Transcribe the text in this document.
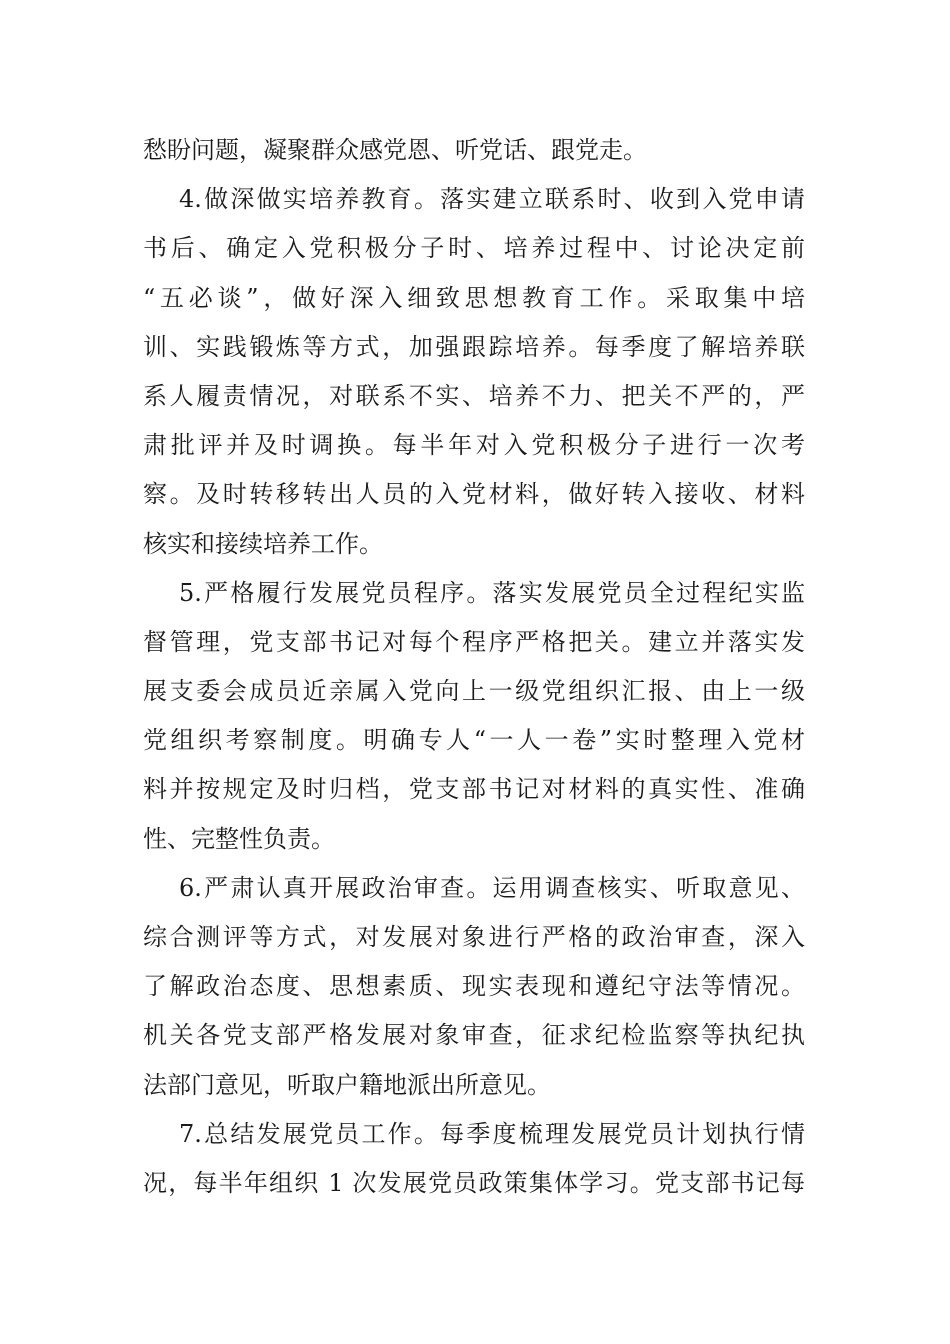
愁盼问题，凝聚群众感党恩、听党话、跟党走。
4.做深做实培养教育。落实建立联系时、收到入党申请
书后、确定入党积极分子时、培养过程中、讨论决定前
“五必谈”，做好深入细致思想教育工作。采取集中培
训、实践锻炼等方式，加强跟踪培养。每季度了解培养联
系人履责情况，对联系不实、培养不力、把关不严的，严
肃批评并及时调换。每半年对入党积极分子进行一次考
察。及时转移转出人员的入党材料，做好转入接收、材料
核实和接续培养工作。
5.严格履行发展党员程序。落实发展党员全过程纪实监
督管理，党支部书记对每个程序严格把关。建立并落实发
展支委会成员近亲属入党向上一级党组织汇报、由上一级
党组织考察制度。明确专人“一人一卷”实时整理入党材
料并按规定及时归档，党支部书记对材料的真实性、准确
性、完整性负责。
6.严肃认真开展政治审查。运用调查核实、听取意见、
综合测评等方式，对发展对象进行严格的政治审查，深入
了解政治态度、思想素质、现实表现和遵纪守法等情况。
机关各党支部严格发展对象审查，征求纪检监察等执纪执
法部门意见，听取户籍地派出所意见。
7.总结发展党员工作。每季度梳理发展党员计划执行情
况，每半年组织 1 次发展党员政策集体学习。党支部书记每
